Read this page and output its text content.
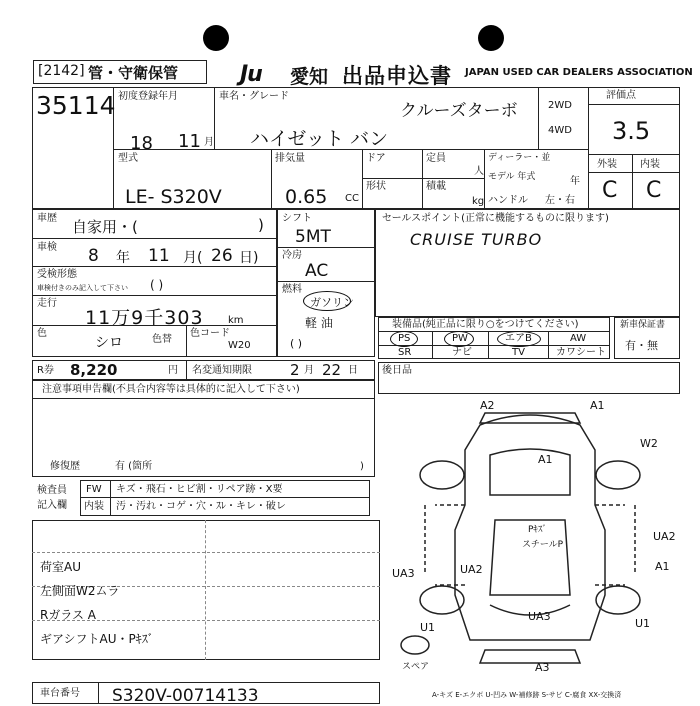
[2142] 管・守衛保管	Ju 愛知 出品申込書 JAPAN USED CAR DEALERS ASSOCIATION
35114 初度登録年月
18 11 月
車名・グレード
クルーズターボ
ハイゼット バン
2WD
4WD
評価点
3.5
外装 内装
C C
型式
LE- S320V
排気量
0.65 CC
ドア	定員
人
形状	積載
kg
ディーラー・並
モデル 年式	年
ハンドル 左・右
車歴 自家用・(	)
車検 8 年 11 月( 26 日)
受検形態
車検付きのみ記入して下さい ( )
走行
11万9千303 km
色
シロ	色替
色コード
W20
シフト
5MT
冷房
AC
燃料
ガソリン
軽 油
( )
セールスポイント(正常に機能するものに限ります)
CRUISE TURBO
装備品(純正品に限り○をつけてください)
PS	PW	エアB	AW
SR	ナビ	TV	カワシート
新車保証書
有・無
R券 8,220	円 名変通知期限	2 月 22 日 後日品
注意事項申告欄(不具合内容等は具体的に記入して下さい)
修復歴	有 (箇所	)
検査員
記入欄
FW キズ・飛石・ヒビ割・リペア跡・X要
内装 汚・汚れ・コゲ・穴・ｽﾚ・キレ・破レ
荷室AU
左側面W2ムラ
Rガラス A
ギアシフトAU・Pｷｽﾞ
A2	A1
W2
A1
Pｷｽﾞ
スチールP
UA2
A1
UA3	UA2
U1
UA3
U1
スペア	A3
A-キズ E-エクボ U-凹み W-補修跡 S-サビ C-腐食 XX-交換済
車台番号 S320V-00714133
